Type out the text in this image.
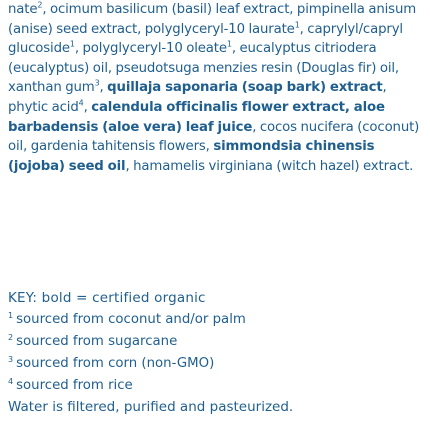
nate$^2$, ocimum basilicum (basil) leaf extract, pimpinella anisum (anise) seed extract, polyglyceryl-10 laurate$^1$, caprylyl/capryl glucoside$^1$, polyglyceryl-10 oleate$^1$, eucalyptus citriodera (eucalyptus) oil, pseudotsuga menzies resin (Douglas fir) oil, xanthan gum$^3$, quillaja saponaria (soap bark) extract, phytic acid$^4$, calendula officinalis flower extract, aloe barbadensis (aloe vera) leaf juice, cocos nucifera (coconut) oil, gardenia tahitensis flowers, simmondsia chinensis (jojoba) seed oil, hamamelis virginiana (witch hazel) extract.

KEY: bold = certified organic

$^1$ sourced from coconut and/or palm

$^2$ sourced from sugarcane

$^3$ sourced from corn (non-GMO)

$^4$ sourced from rice

Water is filtered, purified and pasteurized.
